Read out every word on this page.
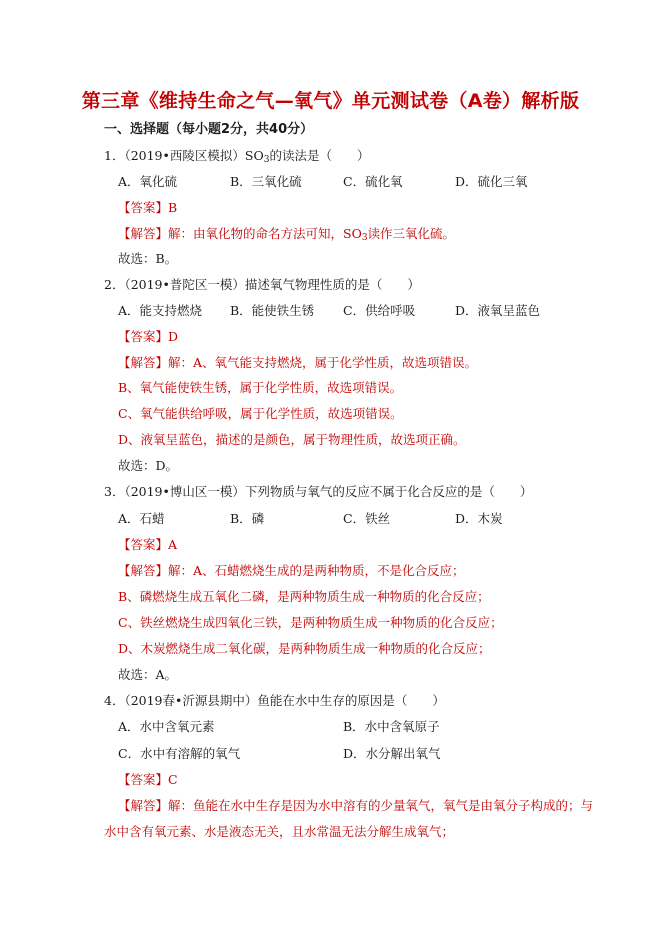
第三章《维持生命之气—氧气》单元测试卷（A卷）解析版
一、选择题（每小题2分，共40分）
1．（2019•西陵区模拟）$SO_3$的读法是（　　）
A．氧化硫	B．三氧化硫	C．硫化氧	D．硫化三氧
【答案】B
【解答】解：由氧化物的命名方法可知，$SO_3$读作三氧化硫。
故选：B。
2．（2019•普陀区一模）描述氧气物理性质的是（　　）
A．能支持燃烧 B．能使铁生锈 C．供给呼吸	D．液氧呈蓝色
【答案】D
【解答】解：A、氧气能支持燃烧，属于化学性质，故选项错误。
B、氧气能使铁生锈，属于化学性质，故选项错误。
C、氧气能供给呼吸，属于化学性质，故选项错误。
D、液氧呈蓝色，描述的是颜色，属于物理性质，故选项正确。
故选：D。
3．（2019•博山区一模）下列物质与氧气的反应不属于化合反应的是（　　）
A．石蜡	B．磷	C．铁丝	D．木炭
【答案】A
【解答】解：A、石蜡燃烧生成的是两种物质，不是化合反应；
B、磷燃烧生成五氧化二磷，是两种物质生成一种物质的化合反应；
C、铁丝燃烧生成四氧化三铁，是两种物质生成一种物质的化合反应；
D、木炭燃烧生成二氧化碳，是两种物质生成一种物质的化合反应；
故选：A。
4．（2019春•沂源县期中）鱼能在水中生存的原因是（　　）
A．水中含氧元素	B．水中含氧原子
C．水中有溶解的氧气	D．水分解出氧气
【答案】C
【解答】解：鱼能在水中生存是因为水中溶有的少量氧气，氧气是由氧分子构成的；与
水中含有氧元素、水是液态无关，且水常温无法分解生成氧气；
